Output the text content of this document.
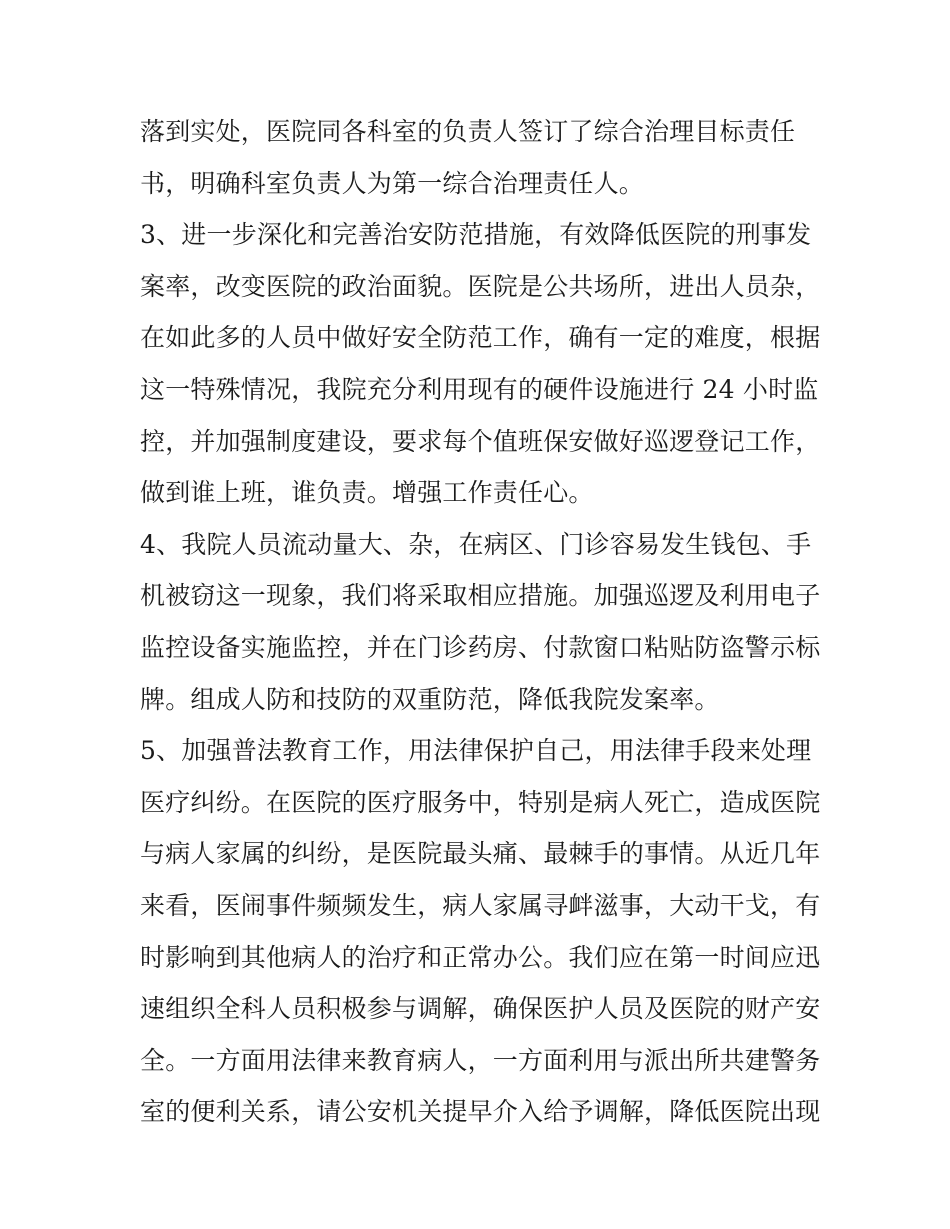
落到实处，医院同各科室的负责人签订了综合治理目标责任
书，明确科室负责人为第一综合治理责任人。
3、进一步深化和完善治安防范措施，有效降低医院的刑事发
案率，改变医院的政治面貌。医院是公共场所，进出人员杂，
在如此多的人员中做好安全防范工作，确有一定的难度，根据
这一特殊情况，我院充分利用现有的硬件设施进行 24 小时监
控，并加强制度建设，要求每个值班保安做好巡逻登记工作，
做到谁上班，谁负责。增强工作责任心。
4、我院人员流动量大、杂，在病区、门诊容易发生钱包、手
机被窃这一现象，我们将采取相应措施。加强巡逻及利用电子
监控设备实施监控，并在门诊药房、付款窗口粘贴防盗警示标
牌。组成人防和技防的双重防范，降低我院发案率。
5、加强普法教育工作，用法律保护自己，用法律手段来处理
医疗纠纷。在医院的医疗服务中，特别是病人死亡，造成医院
与病人家属的纠纷，是医院最头痛、最棘手的事情。从近几年
来看，医闹事件频频发生，病人家属寻衅滋事，大动干戈，有
时影响到其他病人的治疗和正常办公。我们应在第一时间应迅
速组织全科人员积极参与调解，确保医护人员及医院的财产安
全。一方面用法律来教育病人，一方面利用与派出所共建警务
室的便利关系，请公安机关提早介入给予调解，降低医院出现
